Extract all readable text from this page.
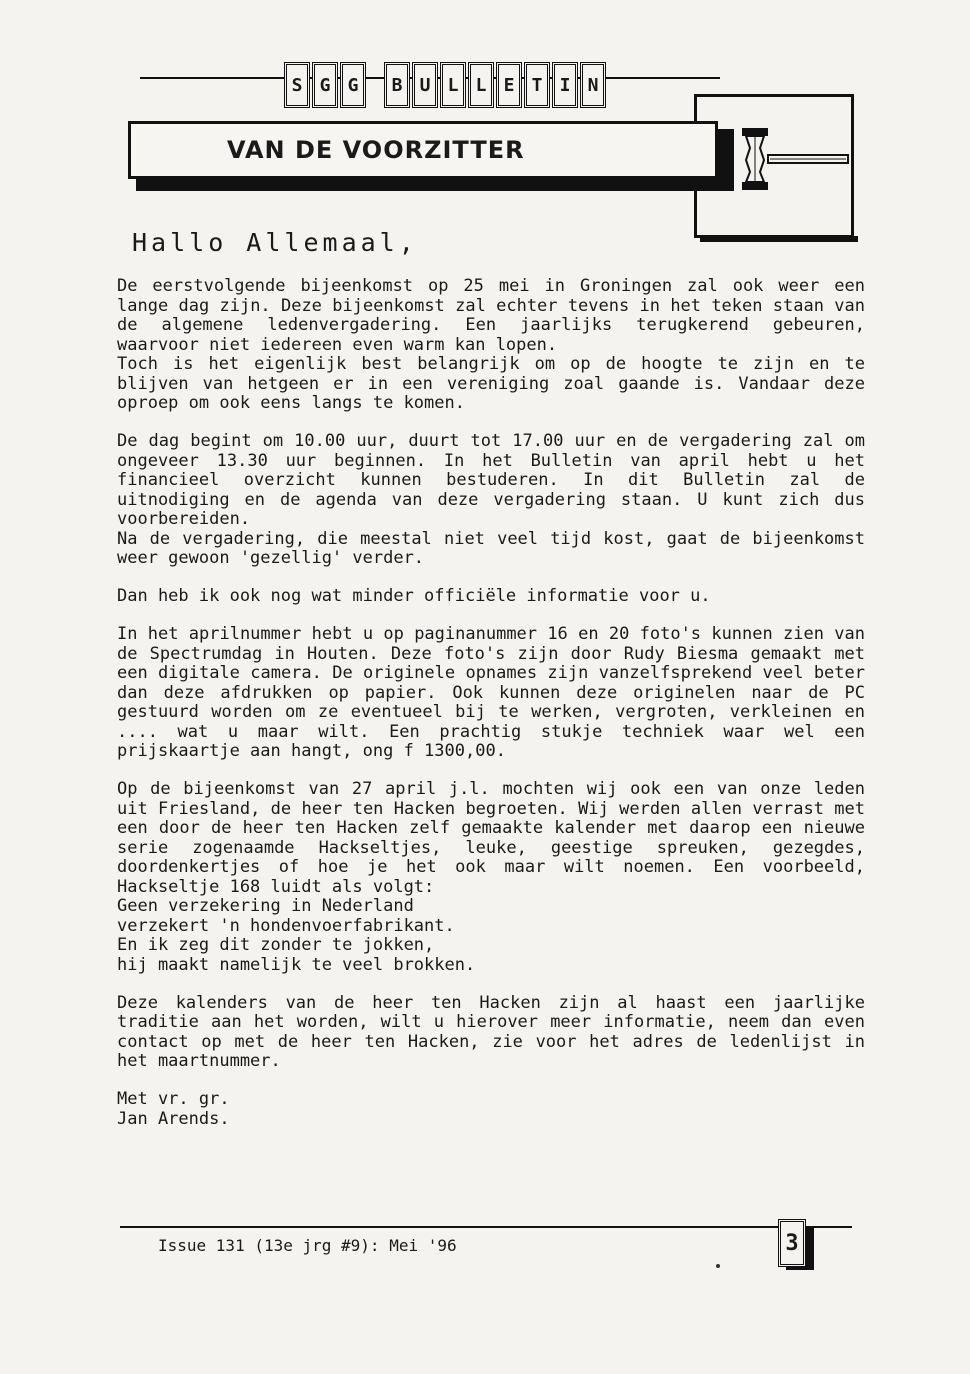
S G G	B U L L E T I N
VAN DE VOORZITTER
Hallo Allemaal,

De eerstvolgende bijeenkomst op 25 mei in Groningen zal ook weer een lange dag zijn. Deze bijeenkomst zal echter tevens in het teken staan van de algemene ledenvergadering. Een jaarlijks terugkerend gebeuren, waarvoor niet iedereen even warm kan lopen.
Toch is het eigenlijk best belangrijk om op de hoogte te zijn en te blijven van hetgeen er in een vereniging zoal gaande is. Vandaar deze oproep om ook eens langs te komen.

De dag begint om 10.00 uur, duurt tot 17.00 uur en de vergadering zal om ongeveer 13.30 uur beginnen. In het Bulletin van april hebt u het financieel overzicht kunnen bestuderen. In dit Bulletin zal de uitnodiging en de agenda van deze vergadering staan. U kunt zich dus voorbereiden.
Na de vergadering, die meestal niet veel tijd kost, gaat de bijeenkomst weer gewoon 'gezellig' verder.

Dan heb ik ook nog wat minder officiële informatie voor u.

In het aprilnummer hebt u op paginanummer 16 en 20 foto's kunnen zien van de Spectrumdag in Houten. Deze foto's zijn door Rudy Biesma gemaakt met een digitale camera. De originele opnames zijn vanzelfsprekend veel beter dan deze afdrukken op papier. Ook kunnen deze originelen naar de PC gestuurd worden om ze eventueel bij te werken, vergroten, verkleinen en .... wat u maar wilt. Een prachtig stukje techniek waar wel een prijskaartje aan hangt, ong f 1300,00.

Op de bijeenkomst van 27 april j.l. mochten wij ook een van onze leden uit Friesland, de heer ten Hacken begroeten. Wij werden allen verrast met een door de heer ten Hacken zelf gemaakte kalender met daarop een nieuwe serie zogenaamde Hackseltjes, leuke, geestige spreuken, gezegdes, doordenkertjes of hoe je het ook maar wilt noemen. Een voorbeeld, Hackseltje 168 luidt als volgt:

Geen verzekering in Nederland
verzekert 'n hondenvoerfabrikant.

En ik zeg dit zonder te jokken,
hij maakt namelijk te veel brokken.

Deze kalenders van de heer ten Hacken zijn al haast een jaarlijke traditie aan het worden, wilt u hierover meer informatie, neem dan even contact op met de heer ten Hacken, zie voor het adres de ledenlijst in het maartnummer.

Met vr. gr.

Jan Arends.

Issue 131 (13e jrg #9): Mei '96	3
